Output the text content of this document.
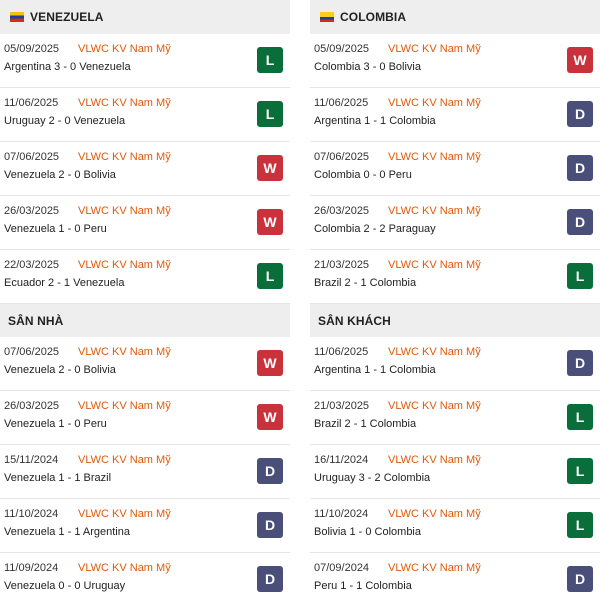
VENEZUELA
05/09/2025 VLWC KV Nam Mỹ
Argentina 3 - 0 Venezuela	L
11/06/2025 VLWC KV Nam Mỹ
Uruguay 2 - 0 Venezuela	L
07/06/2025 VLWC KV Nam Mỹ
Venezuela 2 - 0 Bolivia	W
26/03/2025 VLWC KV Nam Mỹ
Venezuela 1 - 0 Peru	W
22/03/2025 VLWC KV Nam Mỹ
Ecuador 2 - 1 Venezuela	L
SÂN NHÀ
07/06/2025 VLWC KV Nam Mỹ
Venezuela 2 - 0 Bolivia	W
26/03/2025 VLWC KV Nam Mỹ
Venezuela 1 - 0 Peru	W
15/11/2024 VLWC KV Nam Mỹ
Venezuela 1 - 1 Brazil	D
11/10/2024 VLWC KV Nam Mỹ
Venezuela 1 - 1 Argentina	D
11/09/2024 VLWC KV Nam Mỹ
Venezuela 0 - 0 Uruguay	D
COLOMBIA
05/09/2025 VLWC KV Nam Mỹ
Colombia 3 - 0 Bolivia	W
11/06/2025 VLWC KV Nam Mỹ
Argentina 1 - 1 Colombia	D
07/06/2025 VLWC KV Nam Mỹ
Colombia 0 - 0 Peru	D
26/03/2025 VLWC KV Nam Mỹ
Colombia 2 - 2 Paraguay	D
21/03/2025 VLWC KV Nam Mỹ
Brazil 2 - 1 Colombia	L
SÂN KHÁCH
11/06/2025 VLWC KV Nam Mỹ
Argentina 1 - 1 Colombia	D
21/03/2025 VLWC KV Nam Mỹ
Brazil 2 - 1 Colombia	L
16/11/2024 VLWC KV Nam Mỹ
Uruguay 3 - 2 Colombia	L
11/10/2024 VLWC KV Nam Mỹ
Bolivia 1 - 0 Colombia	L
07/09/2024 VLWC KV Nam Mỹ
Peru 1 - 1 Colombia	D
